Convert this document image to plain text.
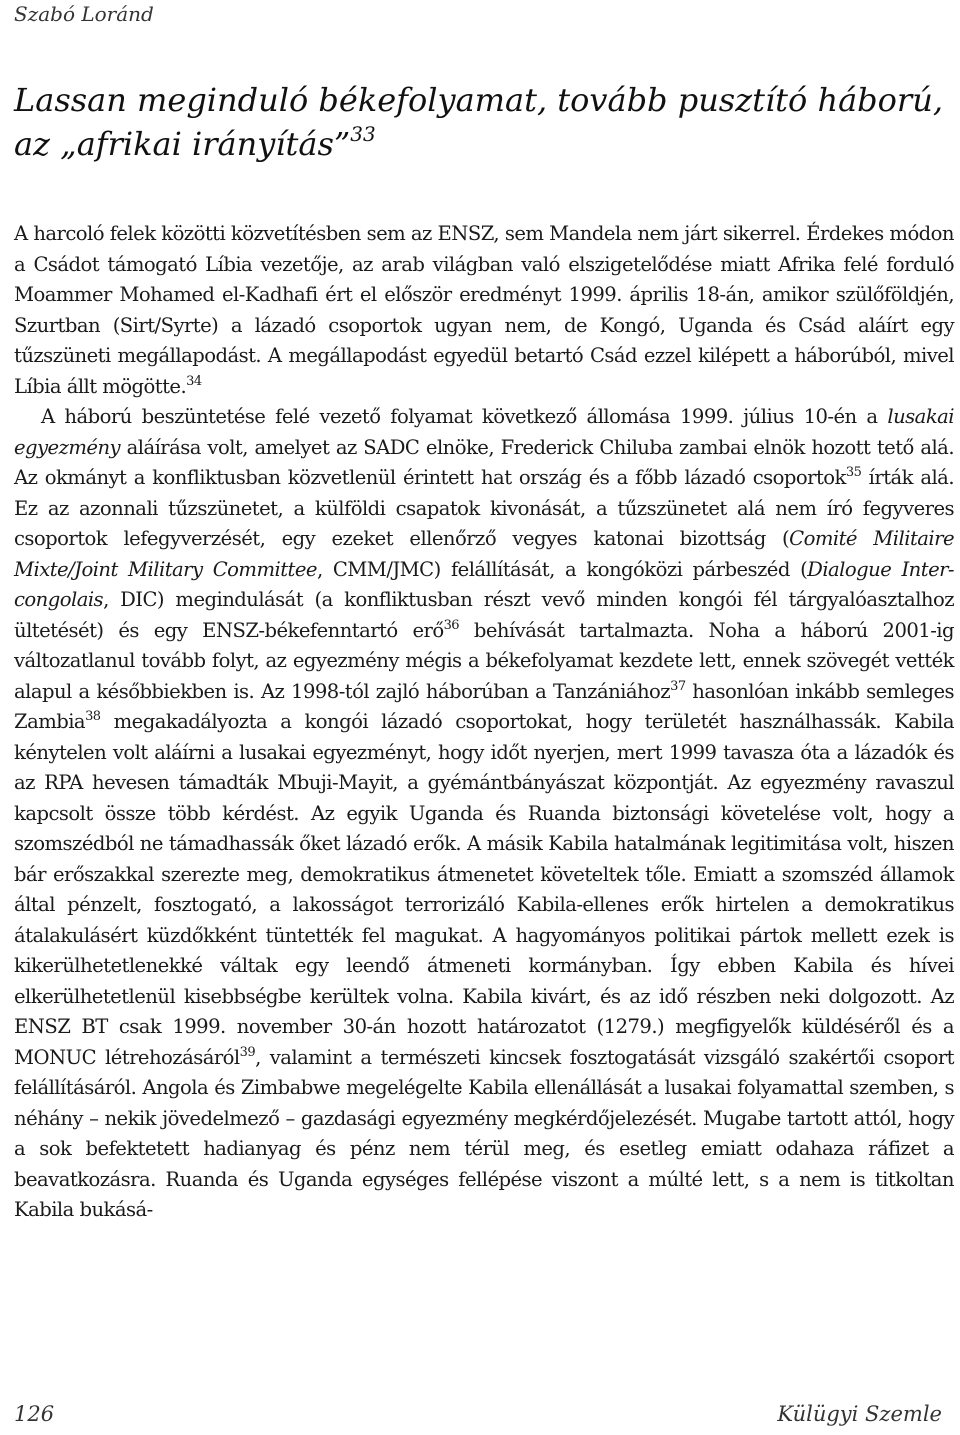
Szabó Loránd
Lassan meginduló békefolyamat, tovább pusztító háború,
az „afrikai irányítás”$^{33}$

A harcoló felek közötti közvetítésben sem az ENSZ, sem Mandela nem járt sikerrel. Érdekes módon a Csádot támogató Líbia vezetője, az arab világban való elszigetelődése miatt Afrika felé forduló Moammer Mohamed el-Kadhafi ért el először eredményt 1999. április 18-án, amikor szülőföldjén, Szurtban (Sirt/Syrte) a lázadó csoportok ugyan nem, de Kongó, Uganda és Csád aláírt egy tűzszüneti megállapodást. A megállapodást egyedül betartó Csád ezzel kilépett a háborúból, mivel Líbia állt mögötte.$^{34}$

A háború beszüntetése felé vezető folyamat következő állomása 1999. július 10-én a lusakai egyezmény aláírása volt, amelyet az SADC elnöke, Frederick Chiluba zambai elnök hozott tető alá. Az okmányt a konfliktusban közvetlenül érintett hat ország és a főbb lázadó csoportok$^{35}$ írták alá. Ez az azonnali tűzszünetet, a külföldi csapatok kivonását, a tűzszünetet alá nem író fegyveres csoportok lefegyverzését, egy ezeket ellenőrző vegyes katonai bizottság (Comité Militaire Mixte/Joint Military Committee, CMM/JMC) felállítását, a kongóközi párbeszéd (Dialogue Inter-congolais, DIC) megindulását (a konfliktusban részt vevő minden kongói fél tárgyalóasztalhoz ültetését) és egy ENSZ-békefenntartó erő$^{36}$ behívását tartalmazta. Noha a háború 2001-ig változatlanul tovább folyt, az egyezmény mégis a békefolyamat kezdete lett, ennek szövegét vették alapul a későbbiekben is. Az 1998-tól zajló háborúban a Tanzániához$^{37}$ hasonlóan inkább semleges Zambia$^{38}$ megakadályozta a kongói lázadó csoportokat, hogy területét használhassák. Kabila kénytelen volt aláírni a lusakai egyezményt, hogy időt nyerjen, mert 1999 tavasza óta a lázadók és az RPA hevesen támadták Mbuji-Mayit, a gyémántbányászat központját. Az egyezmény ravaszul kapcsolt össze több kérdést. Az egyik Uganda és Ruanda biztonsági követelése volt, hogy a szomszédból ne támadhassák őket lázadó erők. A másik Kabila hatalmának legitimitása volt, hiszen bár erőszakkal szerezte meg, demokratikus átmenetet követeltek tőle. Emiatt a szomszéd államok által pénzelt, fosztogató, a lakosságot terrorizáló Kabila-ellenes erők hirtelen a demokratikus átalakulásért küzdőkként tüntették fel magukat. A hagyományos politikai pártok mellett ezek is kikerülhetetlenekké váltak egy leendő átmeneti kormányban. Így ebben Kabila és hívei elkerülhetetlenül kisebbségbe kerültek volna. Kabila kivárt, és az idő részben neki dolgozott. Az ENSZ BT csak 1999. november 30-án hozott határozatot (1279.) megfigyelők küldéséről és a MONUC létrehozásáról$^{39}$, valamint a természeti kincsek fosztogatását vizsgáló szakértői csoport felállításáról. Angola és Zimbabwe megelégelte Kabila ellenállását a lusakai folyamattal szemben, s néhány – nekik jövedelmező – gazdasági egyezmény megkérdőjelezését. Mugabe tartott attól, hogy a sok befektetett hadianyag és pénz nem térül meg, és esetleg emiatt odahaza ráfizet a beavatkozásra. Ruanda és Uganda egységes fellépése viszont a múlté lett, s a nem is titkoltan Kabila bukásá-

126	Külügyi Szemle
